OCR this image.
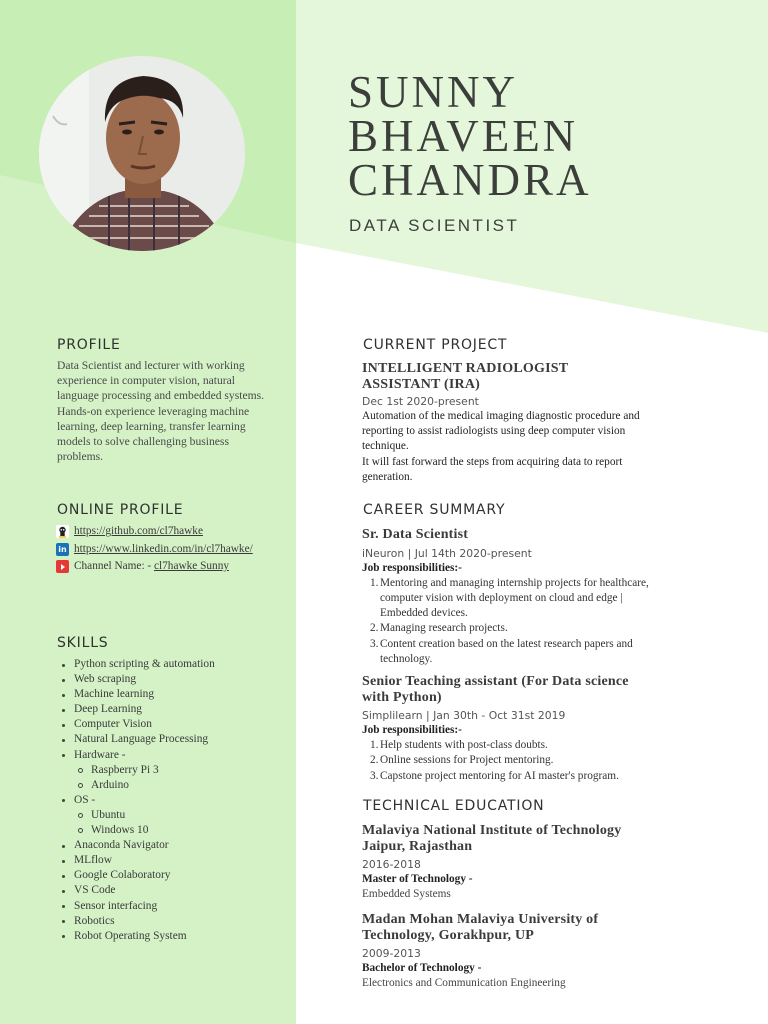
SUNNY
BHAVEEN
CHANDRA
DATA SCIENTIST
PROFILE
Data Scientist and lecturer with working experience in computer vision, natural language processing and embedded systems. Hands-on experience leveraging machine learning, deep learning, transfer learning models to solve challenging business problems.
ONLINE PROFILE
https://github.com/cl7hawke
in https://www.linkedin.com/in/cl7hawke/
Channel Name: - cl7hawke Sunny
SKILLS
Python scripting & automation
Web scraping
Machine learning
Deep Learning
Computer Vision
Natural Language Processing
Hardware -
Raspberry Pi 3
Arduino
OS -
Ubuntu
Windows 10
Anaconda Navigator
MLflow
Google Colaboratory
VS Code
Sensor interfacing
Robotics
Robot Operating System
CURRENT PROJECT
INTELLIGENT RADIOLOGIST
ASSISTANT (IRA)
Dec 1st 2020-present
Automation of the medical imaging diagnostic procedure and reporting to assist radiologists using deep computer vision technique.
It will fast forward the steps from acquiring data to report generation.
CAREER SUMMARY
Sr. Data Scientist
iNeuron | Jul 14th 2020-present
Job responsibilities:-
1. Mentoring and managing internship projects for healthcare, computer vision with deployment on cloud and edge | Embedded devices.
2. Managing research projects.
3. Content creation based on the latest research papers and technology.
Senior Teaching assistant (For Data science with Python)
Simplilearn | Jan 30th - Oct 31st 2019
Job responsibilities:-
1. Help students with post-class doubts.
2. Online sessions for Project mentoring.
3. Capstone project mentoring for AI master's program.
TECHNICAL EDUCATION
Malaviya National Institute of Technology Jaipur, Rajasthan
2016-2018
Master of Technology -
Embedded Systems
Madan Mohan Malaviya University of Technology, Gorakhpur, UP
2009-2013
Bachelor of Technology -
Electronics and Communication Engineering
